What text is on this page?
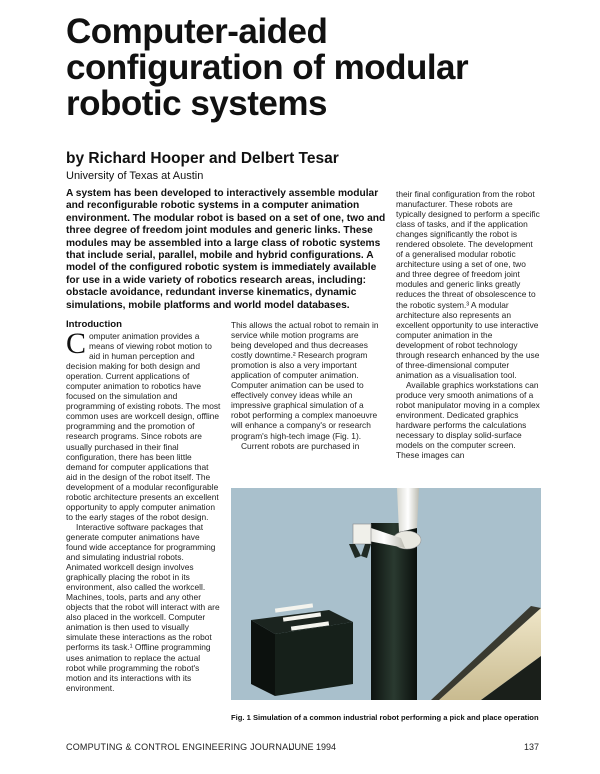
Computer-aided
configuration of modular
robotic systems
by Richard Hooper and Delbert Tesar
University of Texas at Austin

A system has been developed to interactively assemble modular and reconfigurable robotic systems in a computer animation environment. The modular robot is based on a set of one, two and three degree of freedom joint modules and generic links. These modules may be assembled into a large class of robotic systems that include serial, parallel, mobile and hybrid configurations. A model of the configured robotic system is immediately available for use in a wide variety of robotics research areas, including: obstacle avoidance, redundant inverse kinematics, dynamic simulations, mobile platforms and world model databases.

Introduction

Computer animation provides a means of viewing robot motion to aid in human perception and decision making for both design and operation. Current applications of computer animation to robotics have focused on the simulation and programming of existing robots. The most common uses are workcell design, offline programming and the promotion of research programs. Since robots are usually purchased in their final configuration, there has been little demand for computer applications that aid in the design of the robot itself. The development of a modular reconfigurable robotic architecture presents an excellent opportunity to apply computer animation to the early stages of the robot design.

Interactive software packages that generate computer animations have found wide acceptance for programming and simulating industrial robots. Animated workcell design involves graphically placing the robot in its environment, also called the workcell. Machines, tools, parts and any other objects that the robot will interact with are also placed in the workcell. Computer animation is then used to visually simulate these interactions as the robot performs its task.¹ Offline programming uses animation to replace the actual robot while programming the robot's motion and its interactions with its environment.

This allows the actual robot to remain in service while motion programs are being developed and thus decreases costly downtime.² Research program promotion is also a very important application of computer animation. Computer animation can be used to effectively convey ideas while an impressive graphical simulation of a robot performing a complex manoeuvre will enhance a company's or research program's high-tech image (Fig. 1).

Current robots are purchased in

their final configuration from the robot manufacturer. These robots are typically designed to perform a specific class of tasks, and if the application changes significantly the robot is rendered obsolete. The development of a generalised modular robotic architecture using a set of one, two and three degree of freedom joint modules and generic links greatly reduces the threat of obsolescence to the robotic system.³ A modular architecture also represents an excellent opportunity to use interactive computer animation in the development of robot technology through research enhanced by the use of three-dimensional computer animation as a visualisation tool.

Available graphics workstations can produce very smooth animations of a robot manipulator moving in a complex environment. Dedicated graphics hardware performs the calculations necessary to display solid-surface models on the computer screen. These images can

Fig. 1 Simulation of a common industrial robot performing a pick and place operation
COMPUTING & CONTROL ENGINEERING JOURNAL
JUNE 1994	137
